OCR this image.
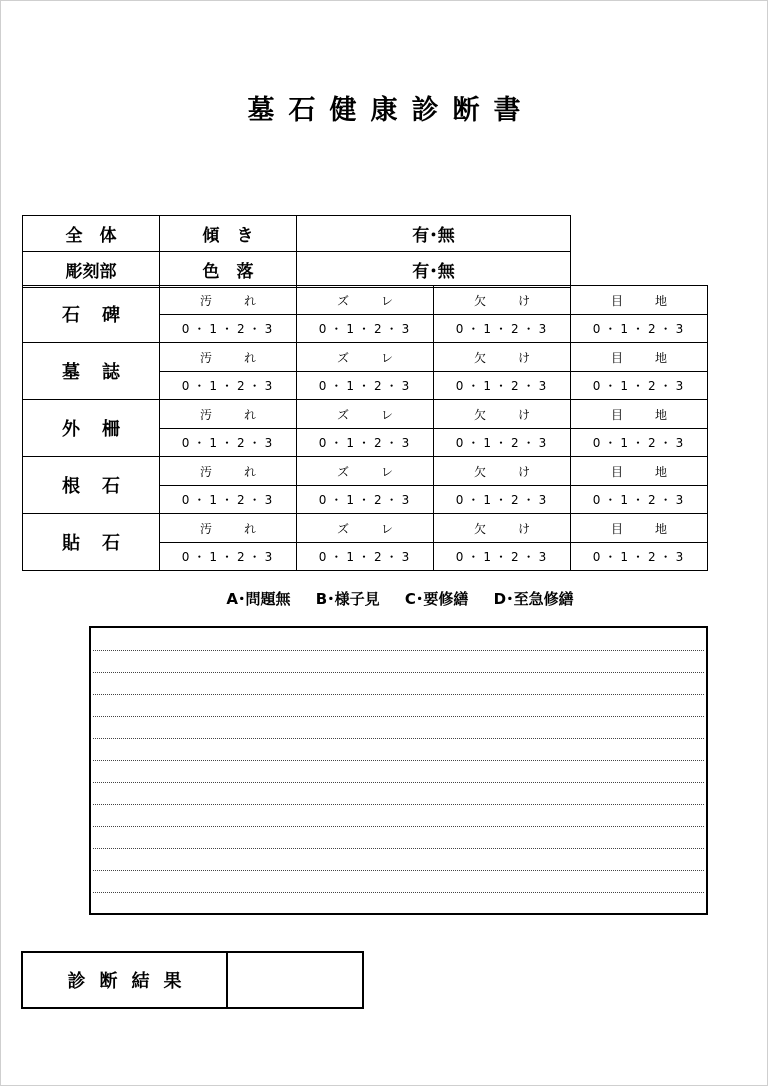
墓石健康診断書
全　体	傾　き	有･無
彫刻部	色　落	有･無
石碑	汚　れ	ズ　レ	欠　け	目　地
	0・1・2・3	0・1・2・3	0・1・2・3	0・1・2・3
墓誌	汚　れ	ズ　レ	欠　け	目　地
	0・1・2・3	0・1・2・3	0・1・2・3	0・1・2・3
外柵	汚　れ	ズ　レ	欠　け	目　地
	0・1・2・3	0・1・2・3	0・1・2・3	0・1・2・3
根石	汚　れ	ズ　レ	欠　け	目　地
	0・1・2・3	0・1・2・3	0・1・2・3	0・1・2・3
貼石	汚　れ	ズ　レ	欠　け	目　地
	0・1・2・3	0・1・2・3	0・1・2・3	0・1・2・3
A･問題無 B･様子見 C･要修繕 D･至急修繕
診断結果
